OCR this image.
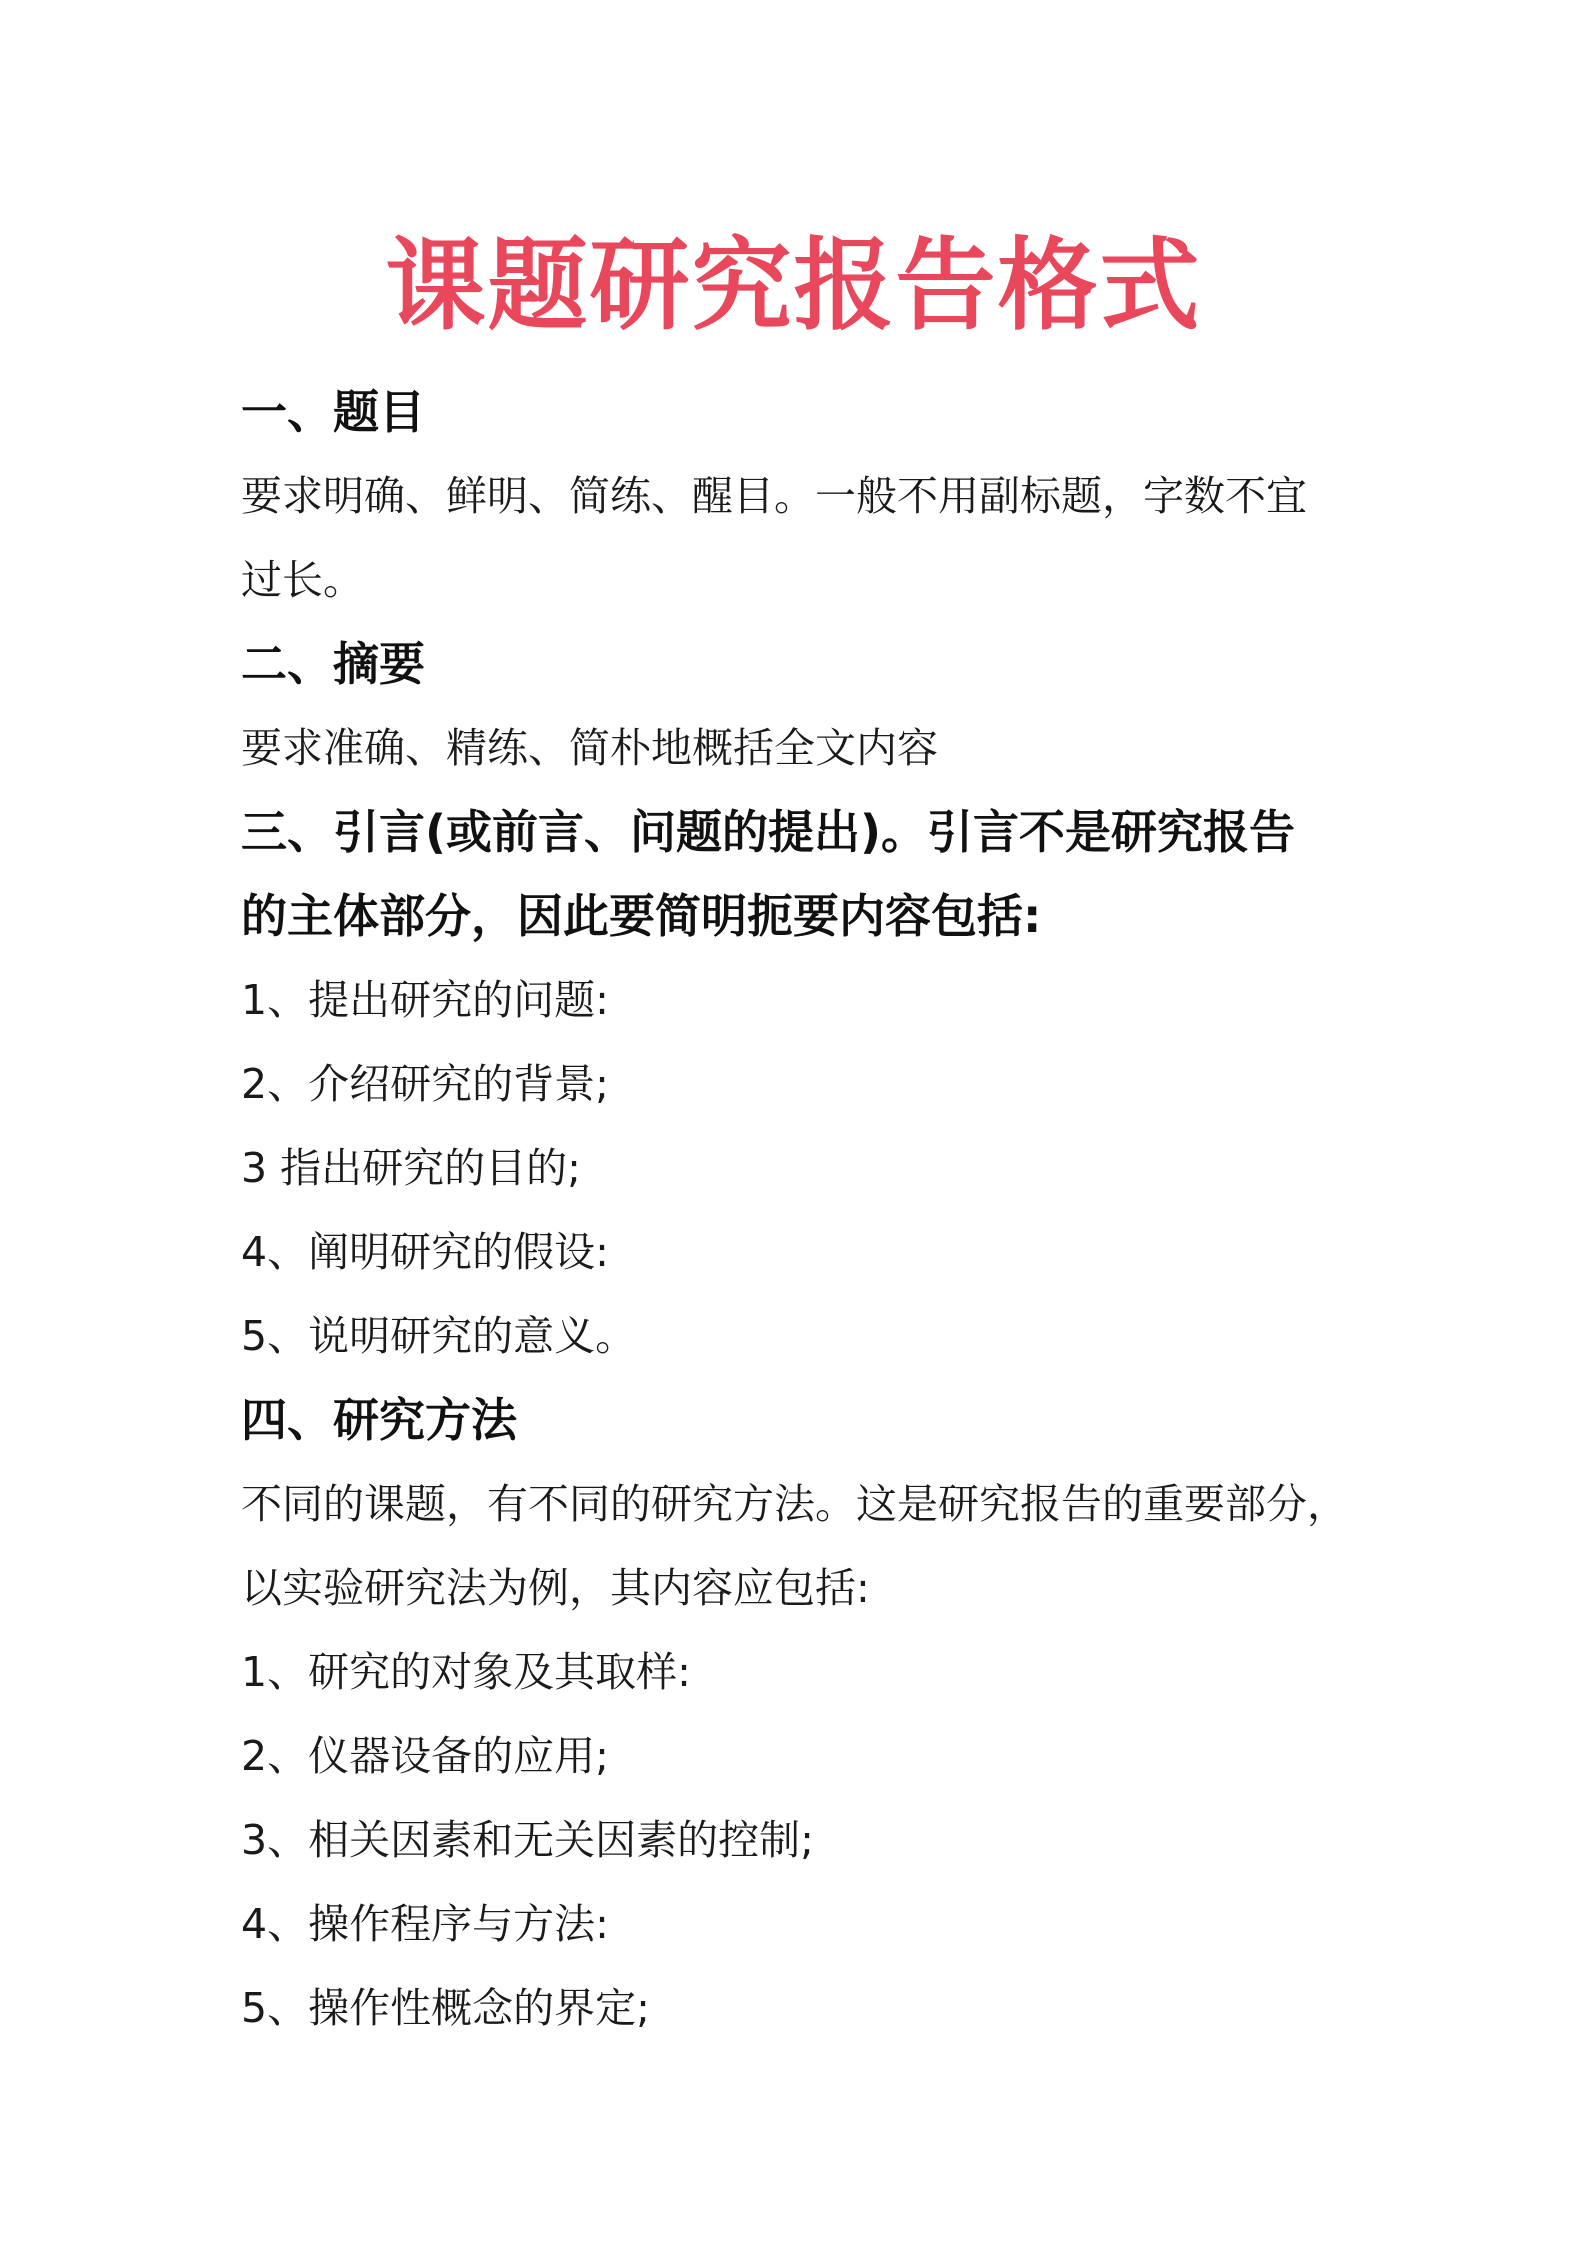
课题研究报告格式
一、题目
要求明确、鲜明、简练、醒目。一般不用副标题，字数不宜
过长。
二、摘要
要求准确、精练、简朴地概括全文内容
三、引言(或前言、问题的提出)。引言不是研究报告
的主体部分，因此要简明扼要内容包括:
1、提出研究的问题:
2、介绍研究的背景;
3 指出研究的目的;
4、阐明研究的假设:
5、说明研究的意义。
四、研究方法
不同的课题，有不同的研究方法。这是研究报告的重要部分，
以实验研究法为例，其内容应包括:
1、研究的对象及其取样:
2、仪器设备的应用;
3、相关因素和无关因素的控制;
4、操作程序与方法:
5、操作性概念的界定;
